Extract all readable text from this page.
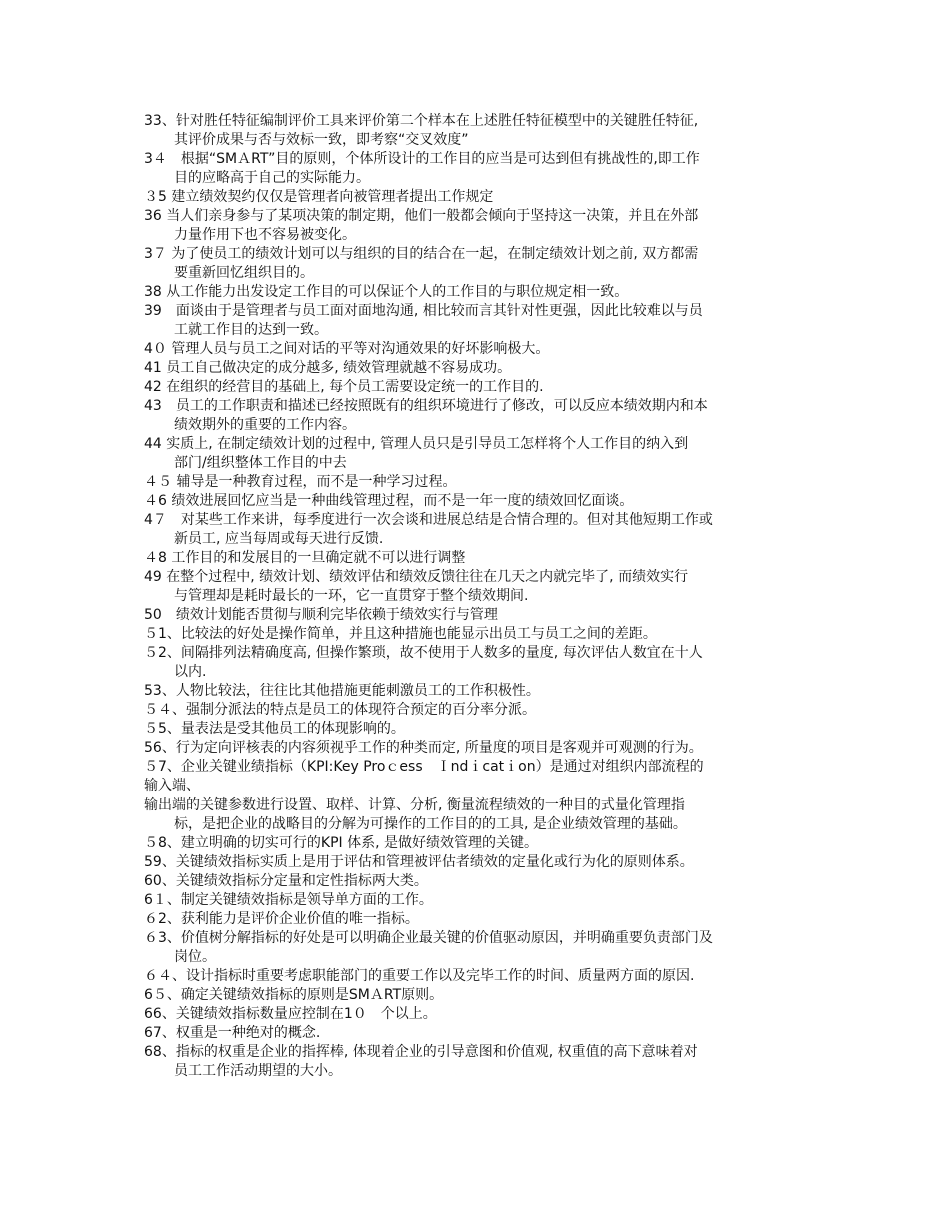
33、针对胜任特征编制评价工具来评价第二个样本在上述胜任特征模型中的关键胜任特征,
其评价成果与否与效标一致，即考察“交叉效度”
3４　根据“SMＡRT”目的原则，个体所设计的工作目的应当是可达到但有挑战性的,即工作
目的应略高于自己的实际能力。
３5 建立绩效契约仅仅是管理者向被管理者提出工作规定
36 当人们亲身参与了某项决策的制定期，他们一般都会倾向于坚持这一决策，并且在外部
力量作用下也不容易被变化。
3７ 为了使员工的绩效计划可以与组织的目的结合在一起，在制定绩效计划之前, 双方都需
要重新回忆组织目的。
38 从工作能力出发设定工作目的可以保证个人的工作目的与职位规定相一致。
39　面谈由于是管理者与员工面对面地沟通, 相比较而言其针对性更强，因此比较难以与员
工就工作目的达到一致。
4０ 管理人员与员工之间对话的平等对沟通效果的好坏影响极大。
41 员工自己做决定的成分越多, 绩效管理就越不容易成功。
42 在组织的经营目的基础上, 每个员工需要设定统一的工作目的.
43　员工的工作职责和描述已经按照既有的组织环境进行了修改，可以反应本绩效期内和本
绩效期外的重要的工作内容。
44 实质上, 在制定绩效计划的过程中, 管理人员只是引导员工怎样将个人工作目的纳入到
部门/组织整体工作目的中去
４５ 辅导是一种教育过程，而不是一种学习过程。
４6 绩效进展回忆应当是一种曲线管理过程，而不是一年一度的绩效回忆面谈。
4７　对某些工作来讲，每季度进行一次会谈和进展总结是合情合理的。但对其他短期工作或
新员工, 应当每周或每天进行反馈.
４8 工作目的和发展目的一旦确定就不可以进行调整
49 在整个过程中, 绩效计划、绩效评估和绩效反馈往往在几天之内就完毕了, 而绩效实行
与管理却是耗时最长的一环，它一直贯穿于整个绩效期间.
50　绩效计划能否贯彻与顺利完毕依赖于绩效实行与管理
５1、比较法的好处是操作简单，并且这种措施也能显示出员工与员工之间的差距。
５2、间隔排列法精确度高, 但操作繁琐，故不使用于人数多的量度, 每次评估人数宜在十人
以内.
53、人物比较法，往往比其他措施更能刺激员工的工作积极性。
５４、强制分派法的特点是员工的体现符合预定的百分率分派。
５5、量表法是受其他员工的体现影响的。
56、行为定向评核表的内容须视乎工作的种类而定, 所量度的项目是客观并可观测的行为。
５7、企业关键业绩指标（KPI:Key Proｃess　Ｉndｉcatｉon）是通过对组织内部流程的
输入端、
输出端的关键参数进行设置、取样、计算、分析, 衡量流程绩效的一种目的式量化管理指
标，是把企业的战略目的分解为可操作的工作目的的工具, 是企业绩效管理的基础。
５8、建立明确的切实可行的KPI 体系, 是做好绩效管理的关键。
59、关键绩效指标实质上是用于评估和管理被评估者绩效的定量化或行为化的原则体系。
60、关键绩效指标分定量和定性指标两大类。
6１、制定关键绩效指标是领导单方面的工作。
６2、获利能力是评价企业价值的唯一指标。
６3、价值树分解指标的好处是可以明确企业最关键的价值驱动原因，并明确重要负责部门及
岗位。
６４、设计指标时重要考虑职能部门的重要工作以及完毕工作的时间、质量两方面的原因.
6５、确定关键绩效指标的原则是SMＡRT原则。
66、关键绩效指标数量应控制在1０　个以上。
67、权重是一种绝对的概念.
68、指标的权重是企业的指挥棒, 体现着企业的引导意图和价值观, 权重值的高下意味着对
员工工作活动期望的大小。
